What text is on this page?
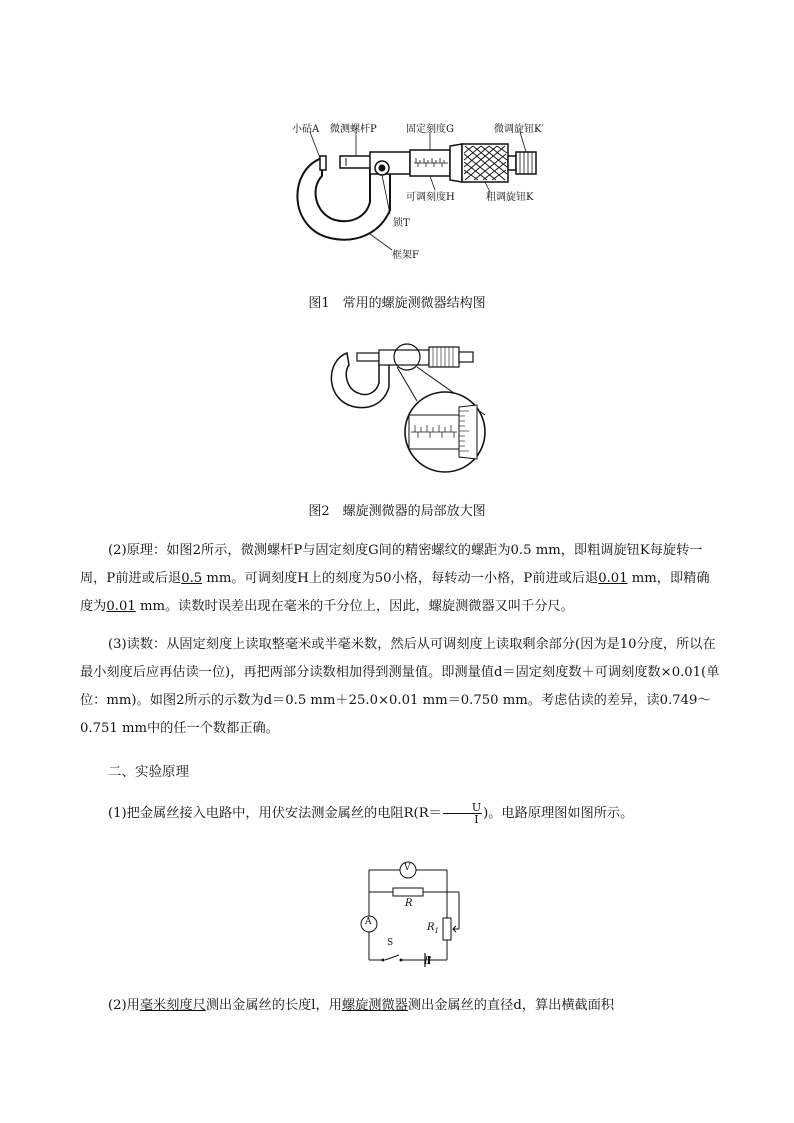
小砧A 微测螺杆P	固定刻度G	微调旋钮K′
可调刻度H	粗调旋钮K
锁T
框架F
图1　常用的螺旋测微器结构图
图2　螺旋测微器的局部放大图
(2)原理：如图2所示，微测螺杆P与固定刻度G间的精密螺纹的螺距为0.5 mm，即粗调旋钮K每旋转一周，P前进或后退0.5 mm。可调刻度H上的刻度为50小格，每转动一小格，P前进或后退0.01 mm，即精确度为0.01 mm。读数时误差出现在毫米的千分位上，因此，螺旋测微器又叫千分尺。
(3)读数：从固定刻度上读取整毫米或半毫米数，然后从可调刻度上读取剩余部分(因为是10分度，所以在最小刻度后应再估读一位)，再把两部分读数相加得到测量值。即测量值d＝固定刻度数＋可调刻度数×0.01(单位：mm)。如图2所示的示数为d＝0.5 mm＋25.0×0.01 mm＝0.750 mm。考虑估读的差异，读0.749～0.751 mm中的任一个数都正确。
二、实验原理
(1)把金属丝接入电路中，用伏安法测金属丝的电阻$R(R= \frac{U}{I}$ )。电路原理图如图所示。
V
A
R
$R_1$
S
E
(2)用毫米刻度尺测出金属丝的长度l，用螺旋测微器测出金属丝的直径d，算出横截面积
